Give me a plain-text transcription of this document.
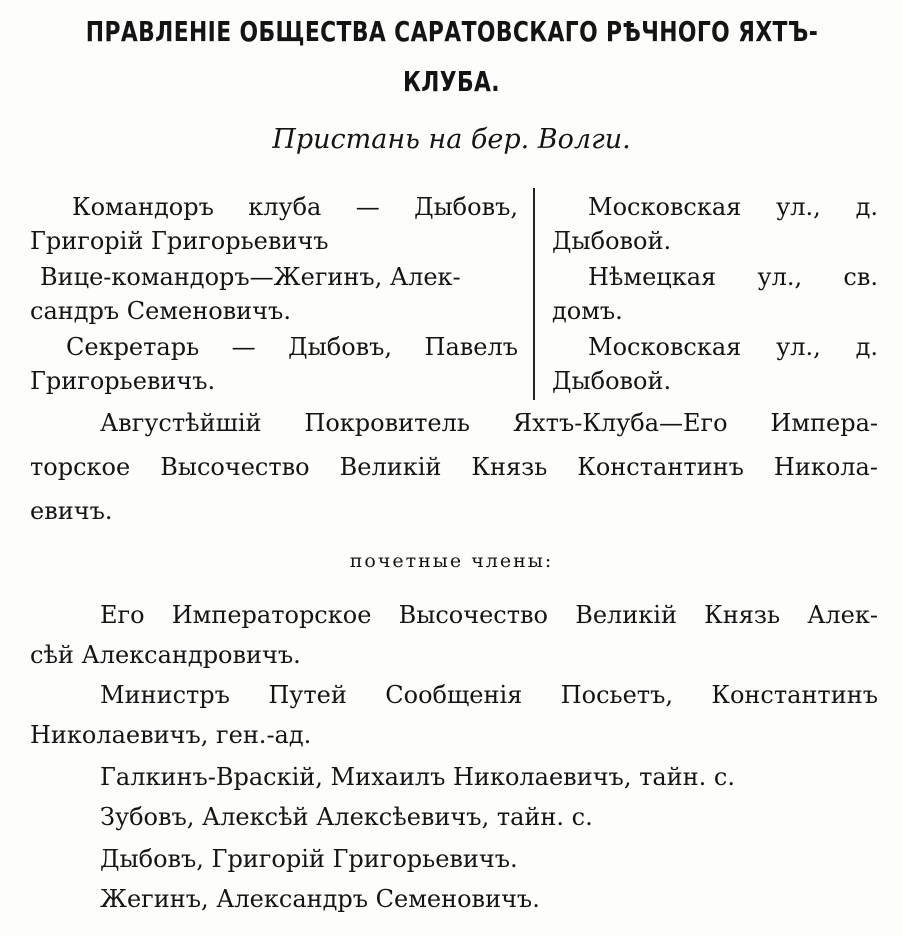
ПРАВЛЕНІЕ ОБЩЕСТВА САРАТОВСКАГО РѢЧНОГО ЯХТЪ-
КЛУБА.
Пристань на бер. Волги.
Командоръ клуба — Дыбовъ,
Григорій Григорьевичъ
Вице-командоръ—Жегинъ, Алек-
сандръ Семеновичъ.
Секретарь — Дыбовъ, Павелъ
Григорьевичъ.
Московская ул., д.
Дыбовой.
Нѣмецкая ул., св.
домъ.
Московская ул., д.
Дыбовой.
Августѣйшій Покровитель Яхтъ-Клуба—Его Импера-
торское Высочество Великій Князь Константинъ Никола-
евичъ.
почетные члены:
Его Императорское Высочество Великій Князь Алек-
сѣй Александровичъ.
Министръ Путей Сообщенія Посьетъ, Константинъ
Николаевичъ, ген.-ад.
Галкинъ-Враскій, Михаилъ Николаевичъ, тайн. с.
Зубовъ, Алексѣй Алексѣевичъ, тайн. с.
Дыбовъ, Григорій Григорьевичъ.
Жегинъ, Александръ Семеновичъ.
